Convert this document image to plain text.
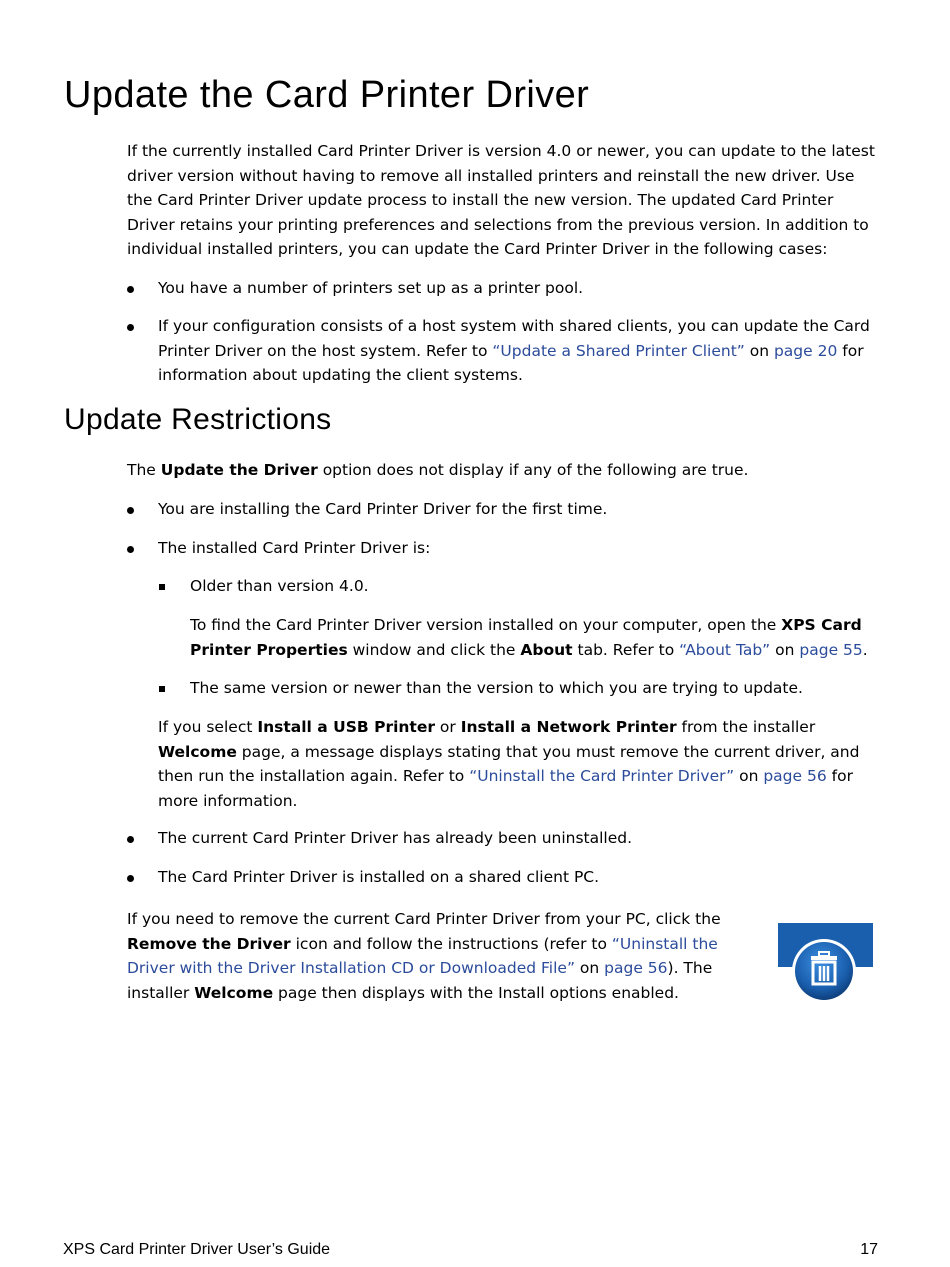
Update the Card Printer Driver

If the currently installed Card Printer Driver is version 4.0 or newer, you can update to the latest driver version without having to remove all installed printers and reinstall the new driver. Use the Card Printer Driver update process to install the new version. The updated Card Printer Driver retains your printing preferences and selections from the previous version. In addition to individual installed printers, you can update the Card Printer Driver in the following cases:

You have a number of printers set up as a printer pool.

If your configuration consists of a host system with shared clients, you can update the Card Printer Driver on the host system. Refer to “Update a Shared Printer Client” on page 20 for information about updating the client systems.

Update Restrictions

The Update the Driver option does not display if any of the following are true.

You are installing the Card Printer Driver for the first time.

The installed Card Printer Driver is:

Older than version 4.0.

To find the Card Printer Driver version installed on your computer, open the XPS Card Printer Properties window and click the About tab. Refer to “About Tab” on page 55.

The same version or newer than the version to which you are trying to update.

If you select Install a USB Printer or Install a Network Printer from the installer Welcome page, a message displays stating that you must remove the current driver, and then run the installation again. Refer to “Uninstall the Card Printer Driver” on page 56 for more information.

The current Card Printer Driver has already been uninstalled.

The Card Printer Driver is installed on a shared client PC.

If you need to remove the current Card Printer Driver from your PC, click the Remove the Driver icon and follow the instructions (refer to “Uninstall the Driver with the Driver Installation CD or Downloaded File” on page 56). The installer Welcome page then displays with the Install options enabled.

XPS Card Printer Driver User’s Guide	17
